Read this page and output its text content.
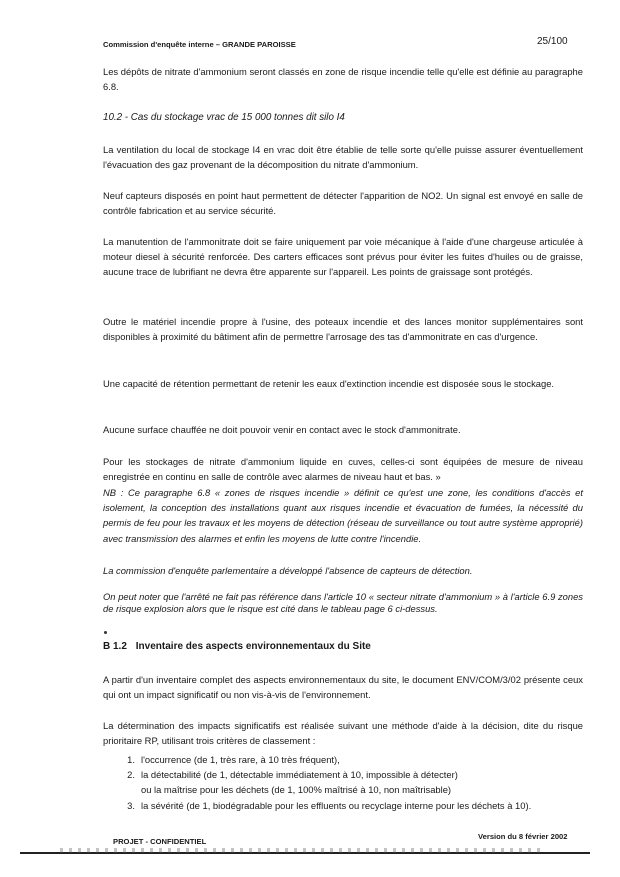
Commission d'enquête interne – GRANDE PAROISSE	25/100

Les dépôts de nitrate d'ammonium seront classés en zone de risque incendie telle qu'elle est définie au paragraphe 6.8.

10.2 - Cas du stockage vrac de 15 000 tonnes dit silo I4

La ventilation du local de stockage I4 en vrac doit être établie de telle sorte qu'elle puisse assurer éventuellement l'évacuation des gaz provenant de la décomposition du nitrate d'ammonium.

Neuf capteurs disposés en point haut permettent de détecter l'apparition de NO2. Un signal est envoyé en salle de contrôle fabrication et au service sécurité.

La manutention de l'ammonitrate doit se faire uniquement par voie mécanique à l'aide d'une chargeuse articulée à moteur diesel à sécurité renforcée. Des carters efficaces sont prévus pour éviter les fuites d'huiles ou de graisse, aucune trace de lubrifiant ne devra être apparente sur l'appareil. Les points de graissage sont protégés.

Outre le matériel incendie propre à l'usine, des poteaux incendie et des lances monitor supplémentaires sont disponibles à proximité du bâtiment afin de permettre l'arrosage des tas d'ammonitrate en cas d'urgence.

Une capacité de rétention permettant de retenir les eaux d'extinction incendie est disposée sous le stockage.

Aucune surface chauffée ne doit pouvoir venir en contact avec le stock d'ammonitrate.

Pour les stockages de nitrate d'ammonium liquide en cuves, celles-ci sont équipées de mesure de niveau enregistrée en continu en salle de contrôle avec alarmes de niveau haut et bas. »

NB : Ce paragraphe 6.8 « zones de risques incendie » définit ce qu'est une zone, les conditions d'accès et isolement, la conception des installations quant aux risques incendie et évacuation de fumées, la nécessité du permis de feu pour les travaux et les moyens de détection (réseau de surveillance ou tout autre système approprié) avec transmission des alarmes et enfin les moyens de lutte contre l'incendie.

La commission d'enquête parlementaire a développé l'absence de capteurs de détection.

On peut noter que l'arrêté ne fait pas référence dans l'article 10 « secteur nitrate d'ammonium » à l'article 6.9 zones de risque explosion alors que le risque est cité dans le tableau page 6 ci-dessus.

B 1.2 Inventaire des aspects environnementaux du Site

A partir d'un inventaire complet des aspects environnementaux du site, le document ENV/COM/3/02 présente ceux qui ont un impact significatif ou non vis-à-vis de l'environnement.

La détermination des impacts significatifs est réalisée suivant une méthode d'aide à la décision, dite du risque prioritaire RP, utilisant trois critères de classement :

1. l'occurrence (de 1, très rare, à 10 très fréquent),
2. la détectabilité (de 1, détectable immédiatement à 10, impossible à détecter)
ou la maîtrise pour les déchets (de 1, 100% maîtrisé à 10, non maîtrisable)
3. la sévérité (de 1, biodégradable pour les effluents ou recyclage interne pour les déchets à 10).
PROJET - CONFIDENTIEL
Version du 8 février 2002
